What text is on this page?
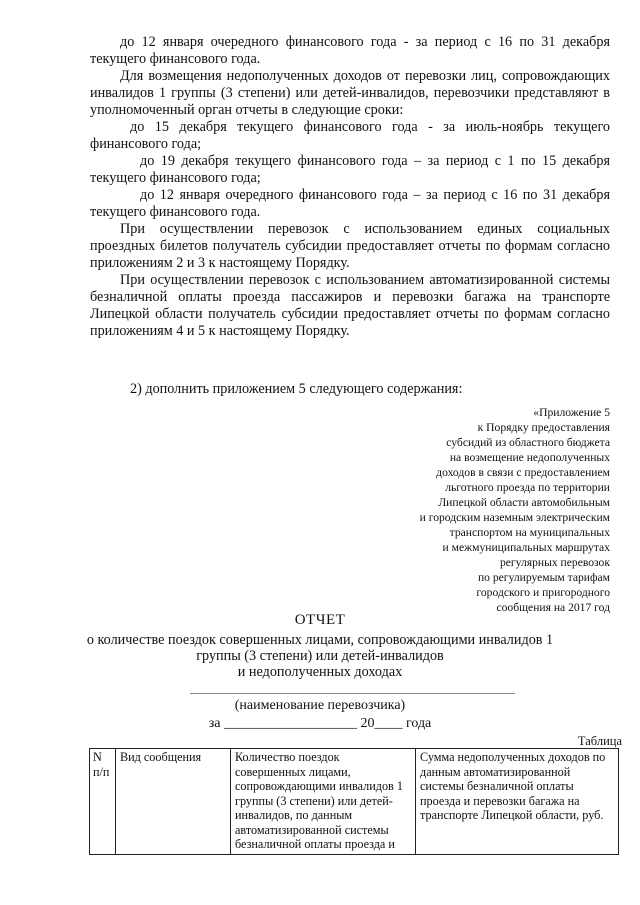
до 12 января очередного финансового года - за период с 16 по 31 декабря текущего финансового года.

Для возмещения недополученных доходов от перевозки лиц, сопровождающих инвалидов 1 группы (3 степени) или детей-инвалидов, перевозчики представляют в уполномоченный орган отчеты в следующие сроки:

до 15 декабря текущего финансового года - за июль-ноябрь текущего финансового года;

до 19 декабря текущего финансового года – за период с 1 по 15 декабря текущего финансового года;

до 12 января очередного финансового года – за период с 16 по 31 декабря текущего финансового года.

При осуществлении перевозок с использованием единых социальных проездных билетов получатель субсидии предоставляет отчеты по формам согласно приложениям 2 и 3 к настоящему Порядку.

При осуществлении перевозок с использованием автоматизированной системы безналичной оплаты проезда пассажиров и перевозки багажа на транспорте Липецкой области получатель субсидии предоставляет отчеты по формам согласно приложениям 4 и 5 к настоящему Порядку.

2) дополнить приложением 5 следующего содержания:

«Приложение 5
к Порядку предоставления
субсидий из областного бюджета
на возмещение недополученных
доходов в связи с предоставлением
льготного проезда по территории
Липецкой области автомобильным
и городским наземным электрическим
транспортом на муниципальных
и межмуниципальных маршрутах
регулярных перевозок
по регулируемым тарифам
городского и пригородного
сообщения на 2017 год
ОТЧЕТ
о количестве поездок совершенных лицами, сопровождающими инвалидов 1
группы (3 степени) или детей-инвалидов
и недополученных доходах
(наименование перевозчика)
за ___________________ 20____ года
Таблица
N п/п	Вид сообщения	Количество поездок совершенных лицами, сопровождающими инвалидов 1 группы (3 степени) или детей-инвалидов, по данным автоматизированной системы безналичной оплаты проезда и	Сумма недополученных доходов по данным автоматизированной системы безналичной оплаты проезда и перевозки багажа на транспорте Липецкой области, руб.
